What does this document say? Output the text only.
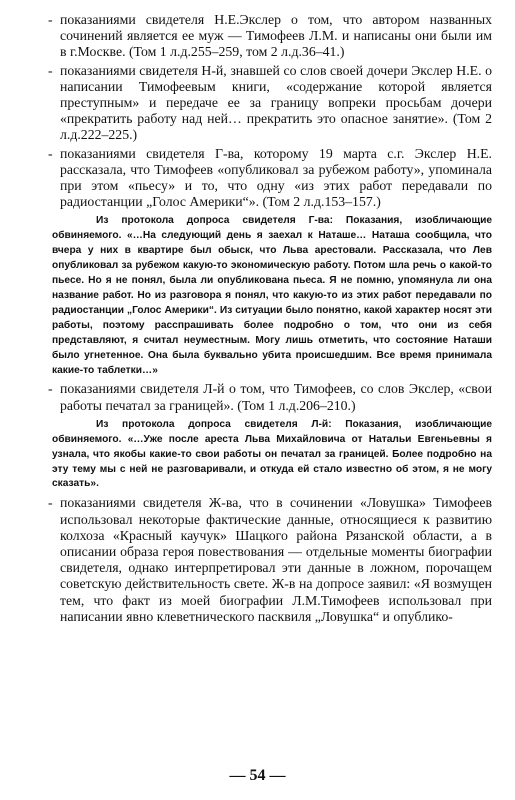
- показаниями свидетеля Н.Е.Экслер о том, что автором названных сочинений является ее муж — Тимофеев Л.М. и написаны они были им в г.Москве. (Том 1 л.д.255–259, том 2 л.д.36–41.)

- показаниями свидетеля Н-й, знавшей со слов своей дочери Экслер Н.Е. о написании Тимофеевым книги, «содержание которой является преступным» и передаче ее за границу вопреки просьбам дочери «прекратить работу над ней… прекратить это опасное занятие». (Том 2 л.д.222–225.)

- показаниями свидетеля Г-ва, которому 19 марта с.г. Экслер Н.Е. рассказала, что Тимофеев «опубликовал за рубежом работу», упоминала при этом «пьесу» и то, что одну «из этих работ передавали по радиостанции „Голос Америки“». (Том 2 л.д.153–157.)

Из протокола допроса свидетеля Г-ва: Показания, изобличающие обвиняемого. «…На следующий день я заехал к Наташе… Наташа сообщила, что вчера у них в квартире был обыск, что Льва арестовали. Рассказала, что Лев опубликовал за рубежом какую-то экономическую работу. Потом шла речь о какой-то пьесе. Но я не понял, была ли опубликована пьеса. Я не помню, упомянула ли она название работ. Но из разговора я понял, что какую-то из этих работ передавали по радиостанции „Голос Америки“. Из ситуации было понятно, какой характер носят эти работы, поэтому расспрашивать более подробно о том, что они из себя представляют, я считал неуместным. Могу лишь отметить, что состояние Наташи было угнетенное. Она была буквально убита происшедшим. Все время принимала какие-то таблетки…»

- показаниями свидетеля Л-й о том, что Тимофеев, со слов Экслер, «свои работы печатал за границей». (Том 1 л.д.206–210.)

Из протокола допроса свидетеля Л-й: Показания, изобличающие обвиняемого. «…Уже после ареста Льва Михайловича от Натальи Евгеньевны я узнала, что якобы какие-то свои работы он печатал за границей. Более подробно на эту тему мы с ней не разговаривали, и откуда ей стало известно об этом, я не могу сказать».

- показаниями свидетеля Ж-ва, что в сочинении «Ловушка» Тимофеев использовал некоторые фактические данные, относящиеся к развитию колхоза «Красный каучук» Шацкого района Рязанской области, а в описании образа героя повествования — отдельные моменты биографии свидетеля, однако интерпретировал эти данные в ложном, порочащем советскую действительность свете. Ж-в на допросе заявил: «Я возмущен тем, что факт из моей биографии Л.М.Тимофеев использовал при написании явно клеветнического пасквиля „Ловушка“ и опублико-

— 54 —
